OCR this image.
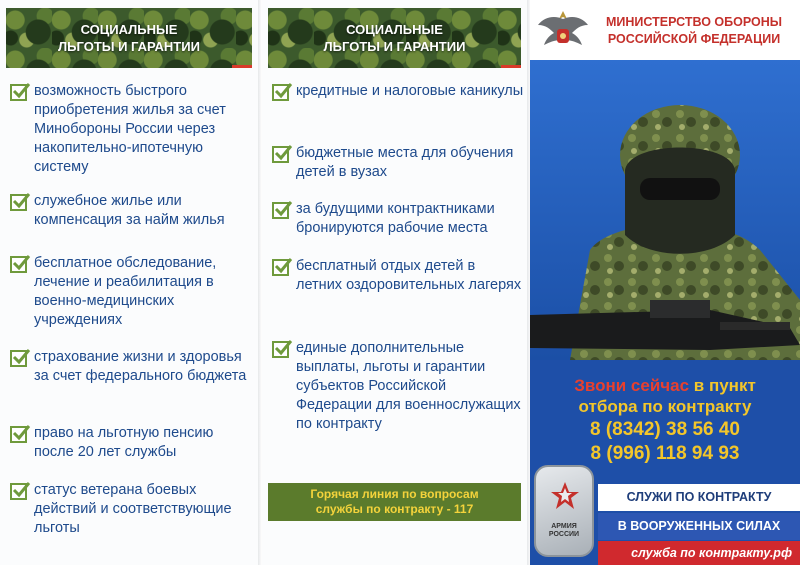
СОЦИАЛЬНЫЕ
ЛЬГОТЫ И ГАРАНТИИ
возможность быстрого приобретения жилья за счет Минобороны России через накопительно-ипотечную систему
служебное жилье или компенсация за найм жилья
бесплатное обследование, лечение и реабилитация в военно-медицинских учреждениях
страхование жизни и здоровья за счет федерального бюджета
право на льготную пенсию после 20 лет службы
статус ветерана боевых действий и соответствующие льготы
СОЦИАЛЬНЫЕ
ЛЬГОТЫ И ГАРАНТИИ
кредитные и налоговые каникулы
бюджетные места для обучения детей в вузах
за будущими контрактниками бронируются рабочие места
бесплатный отдых детей в летних оздоровительных лагерях
единые дополнительные выплаты, льготы и гарантии субъектов Российской Федерации для военнослужащих по контракту
Горячая линия по вопросам
службы по контракту - 117
МИНИСТЕРСТВО ОБОРОНЫ
РОССИЙСКОЙ ФЕДЕРАЦИИ
Звони сейчас в пункт
отбора по контракту
8 (8342) 38 56 40
8 (996) 118 94 93
АРМИЯ
РОССИИ
СЛУЖИ ПО КОНТРАКТУ
В ВООРУЖЕННЫХ СИЛАХ
служба по контракту.рф
